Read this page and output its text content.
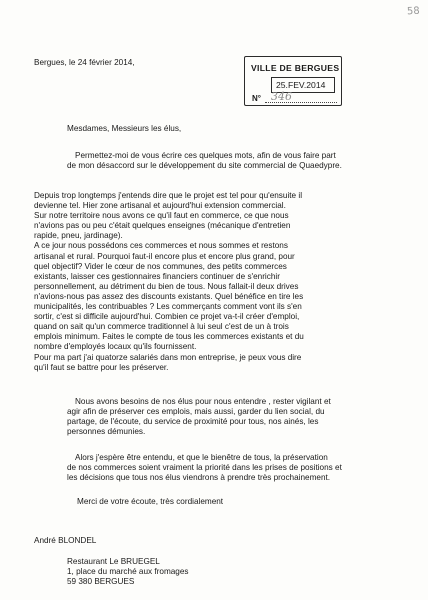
58
Bergues, le 24 février 2014,
VILLE DE BERGUES
25.FEV.2014
N° 346
Mesdames, Messieurs les élus,
Permettez-moi de vous écrire ces quelques mots, afin de vous faire part
de mon désaccord sur le développement du site commercial de Quaedypre.
Depuis trop longtemps j'entends dire que le projet est tel pour qu'ensuite il
devienne tel. Hier zone artisanal et aujourd'hui extension commercial.
Sur notre territoire nous avons ce qu'il faut en commerce, ce que nous
n'avions pas ou peu c'était quelques enseignes (mécanique d'entretien
rapide, pneu, jardinage).
A ce jour nous possédons ces commerces et nous sommes et restons
artisanal et rural. Pourquoi faut-il encore plus et encore plus grand, pour
quel objectif? Vider le cœur de nos communes, des petits commerces
existants, laisser ces gestionnaires financiers continuer de s'enrichir
personnellement, au détriment du bien de tous. Nous fallait-il deux drives
n'avions-nous pas assez des discounts existants. Quel bénéfice en tire les
municipalités, les contribuables ? Les commerçants comment vont ils s'en
sortir, c'est si difficile aujourd'hui. Combien ce projet va-t-il créer d'emploi,
quand on sait qu'un commerce traditionnel à lui seul c'est de un à trois
emplois minimum. Faites le compte de tous les commerces existants et du
nombre d'employés locaux qu'ils fournissent.
Pour ma part j'ai quatorze salariés dans mon entreprise, je peux vous dire
qu'il faut se battre pour les préserver.
Nous avons besoins de nos élus pour nous entendre , rester vigilant et
agir afin de préserver ces emplois, mais aussi, garder du lien social, du
partage, de l'écoute, du service de proximité pour tous, nos ainés, les
personnes démunies.
Alors j'espère être entendu, et que le bienêtre de tous, la préservation
de nos commerces soient vraiment la priorité dans les prises de positions et
les décisions que tous nos élus viendrons à prendre très prochainement.
Merci de votre écoute, très cordialement
André BLONDEL
Restaurant Le BRUEGEL
1, place du marché aux fromages
59 380 BERGUES
